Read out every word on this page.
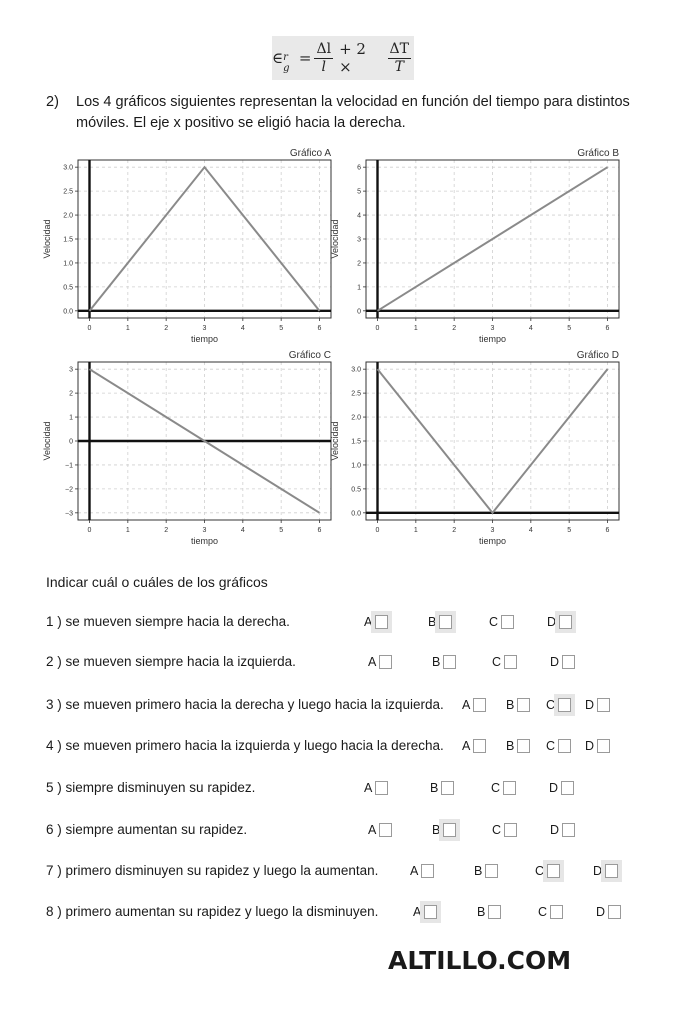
∈ r g
= $\frac{\Delta l}{l} + 2$ ×	$\frac{\Delta T}{T}$
2) Los 4 gráficos siguientes representan la velocidad en función del tiempo para distintos
móviles. El eje x positivo se eligió hacia la derecha.
0	1	2	3	4	5	6
0.0
0.5
1.0
1.5
2.0
2.5
3.0
Gráfico A
tiempo
Velocidad
0	1	2	3	4	5	6
0
1
2
3
4
5
6
Gráfico B
tiempo
Velocidad
0	1	2	3	4	5	6
−3
−2
−1
0
1
2
3
Gráfico C
tiempo
Velocidad
0	1	2	3	4	5	6
0.0
0.5
1.0
1.5
2.0
2.5
3.0
Gráfico D
tiempo
Velocidad
Indicar cuál o cuáles de los gráficos
1 ) se mueven siempre hacia la derecha.	A	B	C	D
2 ) se mueven siempre hacia la izquierda.	A	B	C	D
3 ) se mueven primero hacia la derecha y luego hacia la izquierda. A	B	C	D
4 ) se mueven primero hacia la izquierda y luego hacia la derecha. A	B	C	D
5 ) siempre disminuyen su rapidez.	A	B	C	D
6 ) siempre aumentan su rapidez.	A	B	C	D
7 ) primero disminuyen su rapidez y luego la aumentan.	A	B	C	D
8 ) primero aumentan su rapidez y luego la disminuyen.	A	B	C	D
ALTILLO.COM
